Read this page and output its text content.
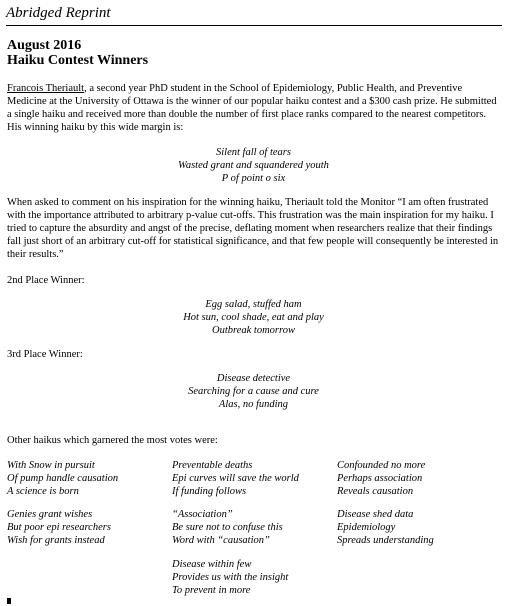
Abridged Reprint
August 2016
Haiku Contest Winners
Francois Theriault, a second year PhD student in the School of Epidemiology, Public Health, and Preventive Medicine at the University of Ottawa is the winner of our popular haiku contest and a $300 cash prize. He submitted a single haiku and received more than double the number of first place ranks compared to the nearest competitors. His winning haiku by this wide margin is:
Silent fall of tears
Wasted grant and squandered youth
P of point o six
When asked to comment on his inspiration for the winning haiku, Theriault told the Monitor “I am often frustrated with the importance attributed to arbitrary p-value cut-offs. This frustration was the main inspiration for my haiku. I tried to capture the absurdity and angst of the precise, deflating moment when researchers realize that their findings fall just short of an arbitrary cut-off for statistical significance, and that few people will consequently be interested in their results.”
2nd Place Winner:
Egg salad, stuffed ham
Hot sun, cool shade, eat and play
Outbreak tomorrow
3rd Place Winner:
Disease detective
Searching for a cause and cure
Alas, no funding
Other haikus which garnered the most votes were:
With Snow in pursuit
Of pump handle causation
A science is born
Preventable deaths
Epi curves will save the world
If funding follows
Confounded no more
Perhaps association
Reveals causation
Genies grant wishes
But poor epi researchers
Wish for grants instead
“Association”
Be sure not to confuse this
Word with “causation”
Disease shed data
Epidemiology
Spreads understanding
Disease within few
Provides us with the insight
To prevent in more
